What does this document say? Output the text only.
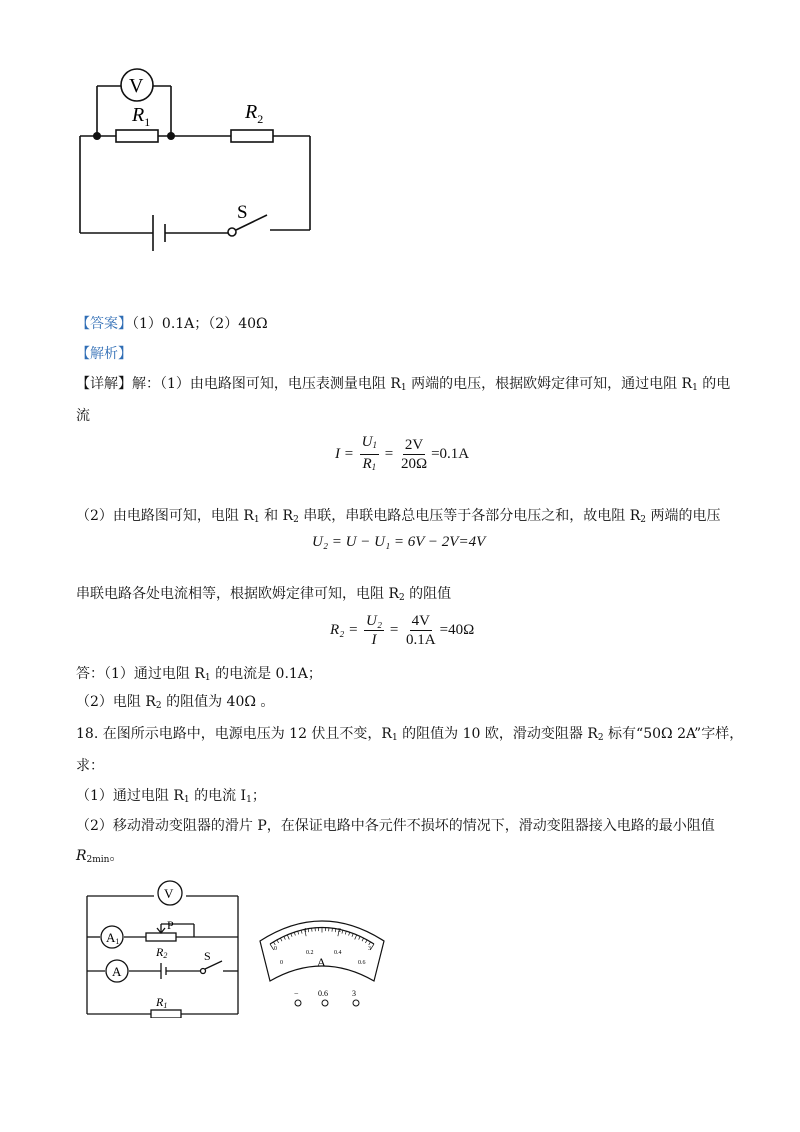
V
$R_1$	$R_2$
S
【答案】（1）0.1A；（2）40Ω
【解析】
【详解】解：（1）由电路图可知，电压表测量电阻 $R_1$ 两端的电压，根据欧姆定律可知，通过电阻 $R_1$ 的电
流
$I = \frac{U_1}{R_1} = \frac{2V}{20\Omega} =0.1A$
（2）由电路图可知，电阻 $R_1$ 和 $R_2$ 串联，串联电路总电压等于各部分电压之和，故电阻 $R_2$ 两端的电压
U₂ = U − U₁ = 6V − 2V=4V
串联电路各处电流相等，根据欧姆定律可知，电阻 $R_2$ 的阻值
$R_2 = \frac{\text{U₂}}{I} = \frac{4V}{0.1A} =40\Omega$
答：（1）通过电阻 $R_1$ 的电流是 0.1A；
（2）电阻 $R_2$ 的阻值为 40Ω 。
18. 在图所示电路中，电源电压为 12 伏且不变，$R_1$ 的阻值为 10 欧，滑动变阻器 $R_2$ 标有“50Ω 2A”字样，
求：
（1）通过电阻 $R_1$ 的电流 $I_1$；
（2）移动滑动变阻器的滑片 P，在保证电路中各元件不损坏的情况下，滑动变阻器接入电路的最小阻值
$R_{2min}$。
V
A1
A
P
R2	S
R1
0
1	2
3
0
0.2	0.4
0.6
A
− 0.6	3
